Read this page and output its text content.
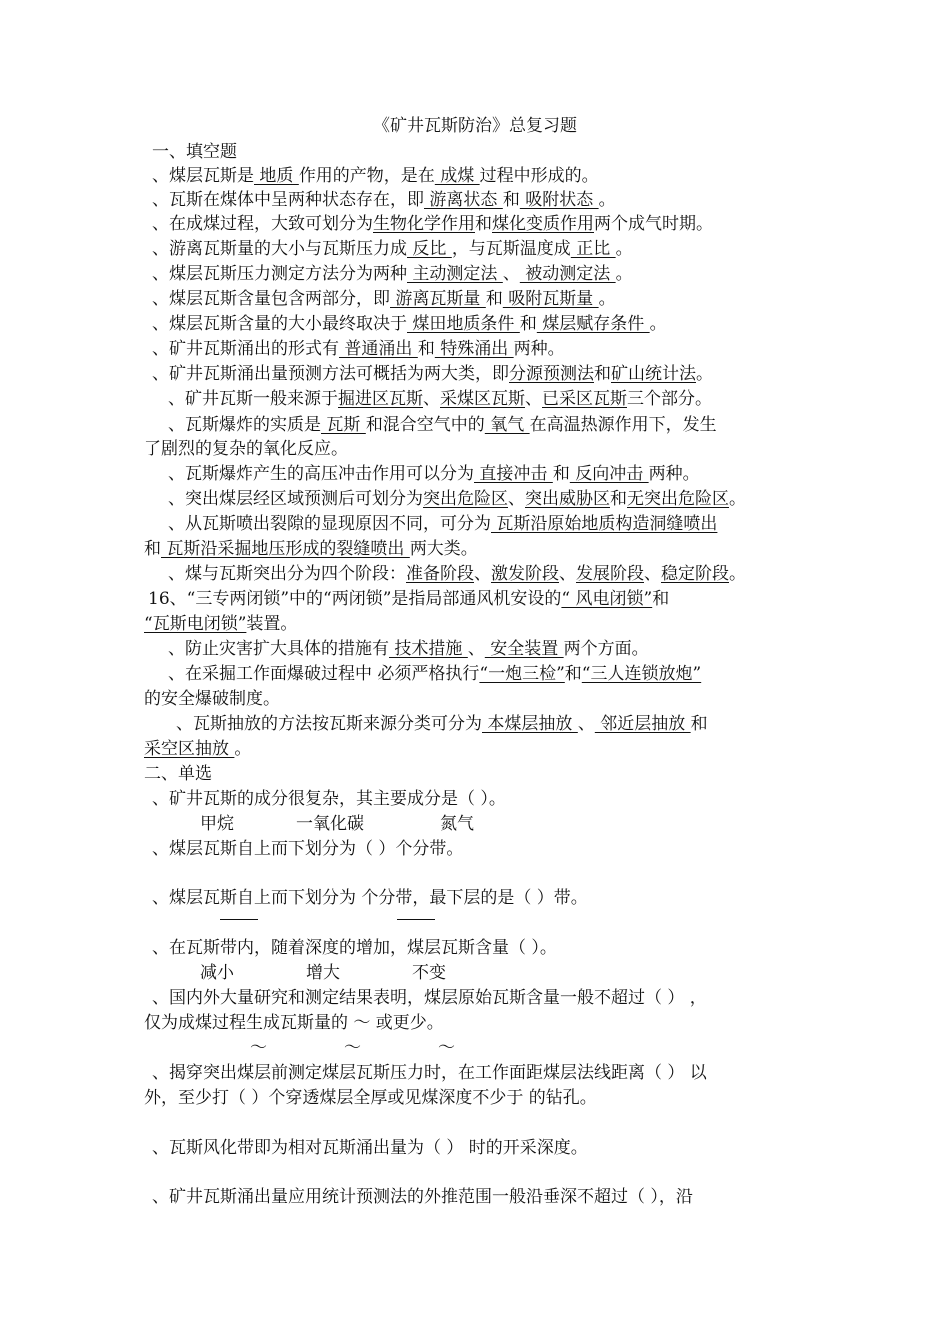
《矿井瓦斯防治》总复习题
一、填空题
、煤层瓦斯是 地质 作用的产物，是在 成煤 过程中形成的。
、瓦斯在煤体中呈两种状态存在，即 游离状态 和 吸附状态 。
、在成煤过程，大致可划分为生物化学作用和煤化变质作用两个成气时期。
、游离瓦斯量的大小与瓦斯压力成 反比 ，与瓦斯温度成 正比 。
、煤层瓦斯压力测定方法分为两种 主动测定法 、 被动测定法 。
、煤层瓦斯含量包含两部分，即 游离瓦斯量 和 吸附瓦斯量 。
、煤层瓦斯含量的大小最终取决于 煤田地质条件 和 煤层赋存条件 。
、矿井瓦斯涌出的形式有 普通涌出 和 特殊涌出 两种。
、矿井瓦斯涌出量预测方法可概括为两大类，即分源预测法和矿山统计法。
、矿井瓦斯一般来源于掘进区瓦斯、采煤区瓦斯、已采区瓦斯三个部分。
、瓦斯爆炸的实质是 瓦斯 和混合空气中的 氧气 在高温热源作用下，发生
了剧烈的复杂的氧化反应。
、瓦斯爆炸产生的高压冲击作用可以分为 直接冲击 和 反向冲击 两种。
、突出煤层经区域预测后可划分为突出危险区、突出威胁区和无突出危险区。
、从瓦斯喷出裂隙的显现原因不同，可分为 瓦斯沿原始地质构造洞缝喷出
和 瓦斯沿采掘地压形成的裂缝喷出 两大类。
、煤与瓦斯突出分为四个阶段：准备阶段、激发阶段、发展阶段、稳定阶段。
16、“三专两闭锁”中的“两闭锁”是指局部通风机安设的“ 风电闭锁”和
“瓦斯电闭锁”装置。
、防止灾害扩大具体的措施有 技术措施 、 安全装置 两个方面。
、在采掘工作面爆破过程中 必须严格执行“一炮三检”和“三人连锁放炮”
的安全爆破制度。
、瓦斯抽放的方法按瓦斯来源分类可分为 本煤层抽放 、 邻近层抽放 和
采空区抽放 。
二、单选
、矿井瓦斯的成分很复杂，其主要成分是（ ）。
甲烷	一氧化碳	氮气
、煤层瓦斯自上而下划分为（ ）个分带。
、煤层瓦斯自上而下划分为 个分带，最下层的是（ ）带。
、在瓦斯带内，随着深度的增加，煤层瓦斯含量（ ）。
减小	增大	不变
、国内外大量研究和测定结果表明，煤层原始瓦斯含量一般不超过（ ） ，
仅为成煤过程生成瓦斯量的 ～ 或更少。
～	～	～
、揭穿突出煤层前测定煤层瓦斯压力时，在工作面距煤层法线距离（ ） 以
外，至少打（ ）个穿透煤层全厚或见煤深度不少于 的钻孔。
、瓦斯风化带即为相对瓦斯涌出量为（ ） 时的开采深度。
、矿井瓦斯涌出量应用统计预测法的外推范围一般沿垂深不超过（ ），沿
